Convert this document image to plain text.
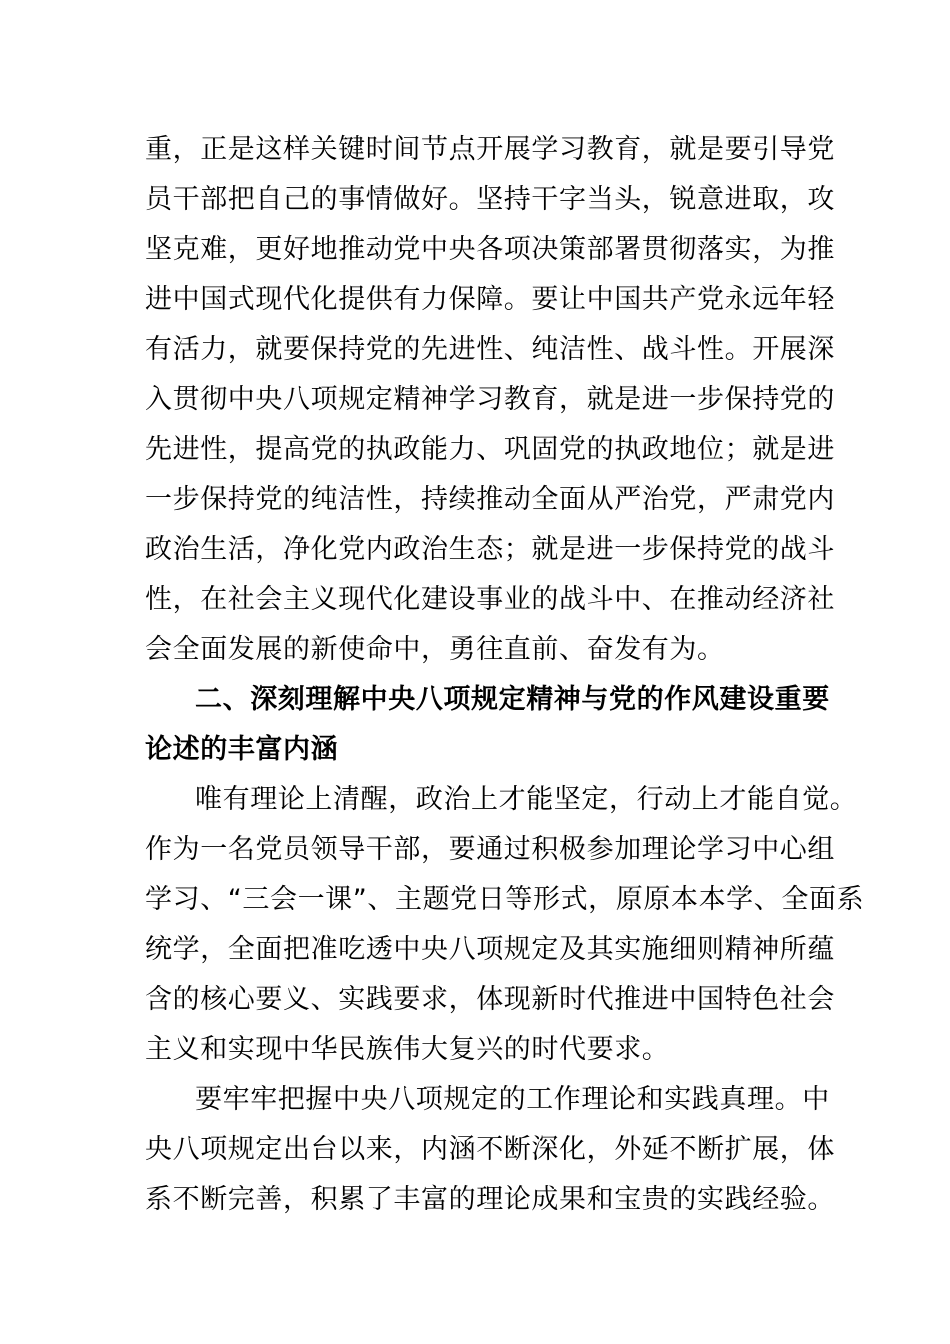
重，正是这样关键时间节点开展学习教育，就是要引导党
员干部把自己的事情做好。坚持干字当头，锐意进取，攻
坚克难，更好地推动党中央各项决策部署贯彻落实，为推
进中国式现代化提供有力保障。要让中国共产党永远年轻
有活力，就要保持党的先进性、纯洁性、战斗性。开展深
入贯彻中央八项规定精神学习教育，就是进一步保持党的
先进性，提高党的执政能力、巩固党的执政地位；就是进
一步保持党的纯洁性，持续推动全面从严治党，严肃党内
政治生活，净化党内政治生态；就是进一步保持党的战斗
性，在社会主义现代化建设事业的战斗中、在推动经济社
会全面发展的新使命中，勇往直前、奋发有为。
二、深刻理解中央八项规定精神与党的作风建设重要
论述的丰富内涵
唯有理论上清醒，政治上才能坚定，行动上才能自觉。
作为一名党员领导干部，要通过积极参加理论学习中心组
学习、“三会一课”、主题党日等形式，原原本本学、全面系
统学，全面把准吃透中央八项规定及其实施细则精神所蕴
含的核心要义、实践要求，体现新时代推进中国特色社会
主义和实现中华民族伟大复兴的时代要求。
要牢牢把握中央八项规定的工作理论和实践真理。中
央八项规定出台以来，内涵不断深化，外延不断扩展，体
系不断完善，积累了丰富的理论成果和宝贵的实践经验。
